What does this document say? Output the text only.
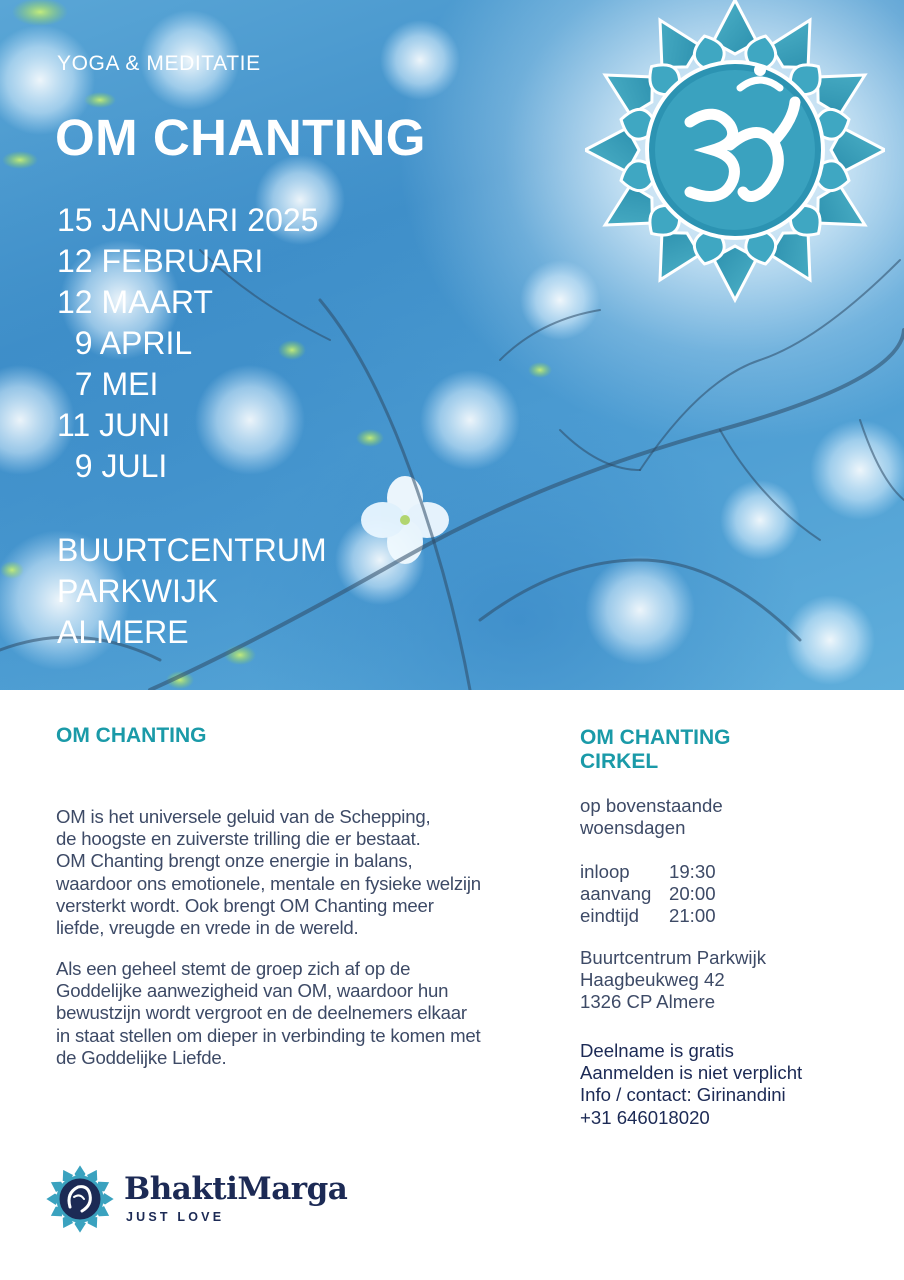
YOGA & MEDITATIE
OM CHANTING
15 JANUARI 2025
12 FEBRUARI
12 MAART
9 APRIL
7 MEI
11 JUNI
9 JULI
BUURTCENTRUM
PARKWIJK
ALMERE
OM CHANTING
OM is het universele geluid van de Schepping,
de hoogste en zuiverste trilling die er bestaat.
OM Chanting brengt onze energie in balans,
waardoor ons emotionele, mentale en fysieke welzijn
versterkt wordt. Ook brengt OM Chanting meer
liefde, vreugde en vrede in de wereld.
Als een geheel stemt de groep zich af op de
Goddelijke aanwezigheid van OM, waardoor hun
bewustzijn wordt vergroot en de deelnemers elkaar
in staat stellen om dieper in verbinding te komen met
de Goddelijke Liefde.
OM CHANTING
CIRKEL
op bovenstaande
woensdagen
inloop	19:30
aanvang 20:00
eindtijd	21:00
Buurtcentrum Parkwijk
Haagbeukweg 42
1326 CP Almere
Deelname is gratis
Aanmelden is niet verplicht
Info / contact: Girinandini
+31 646018020
BhaktiMarga
JUST LOVE
